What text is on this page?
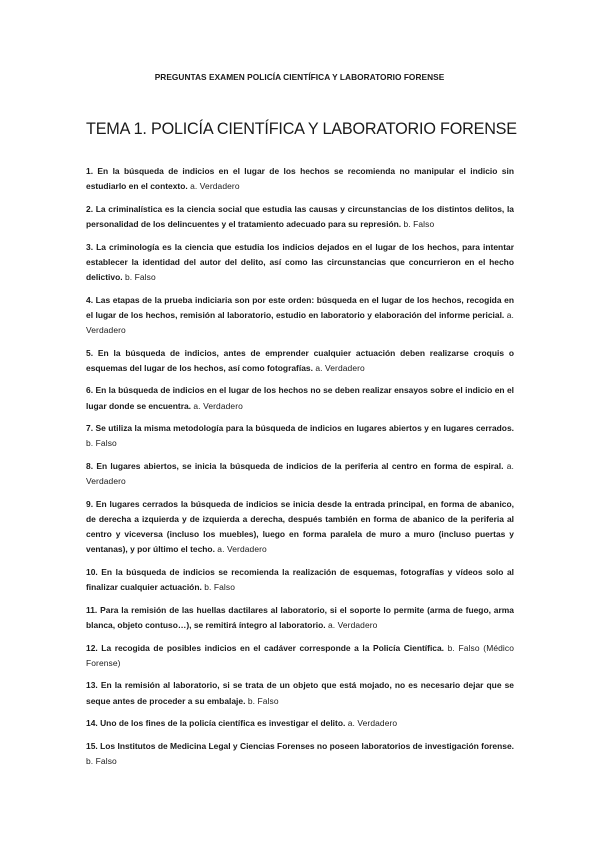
PREGUNTAS EXAMEN POLICÍA CIENTÍFICA Y LABORATORIO FORENSE
TEMA 1. POLICÍA CIENTÍFICA Y LABORATORIO FORENSE

1. En la búsqueda de indicios en el lugar de los hechos se recomienda no manipular el indicio sin estudiarlo en el contexto. a. Verdadero

2. La criminalística es la ciencia social que estudia las causas y circunstancias de los distintos delitos, la personalidad de los delincuentes y el tratamiento adecuado para su represión. b. Falso

3. La criminología es la ciencia que estudia los indicios dejados en el lugar de los hechos, para intentar establecer la identidad del autor del delito, así como las circunstancias que concurrieron en el hecho delictivo. b. Falso

4. Las etapas de la prueba indiciaria son por este orden: búsqueda en el lugar de los hechos, recogida en el lugar de los hechos, remisión al laboratorio, estudio en laboratorio y elaboración del informe pericial. a. Verdadero

5. En la búsqueda de indicios, antes de emprender cualquier actuación deben realizarse croquis o esquemas del lugar de los hechos, así como fotografías. a. Verdadero

6. En la búsqueda de indicios en el lugar de los hechos no se deben realizar ensayos sobre el indicio en el lugar donde se encuentra. a. Verdadero

7. Se utiliza la misma metodología para la búsqueda de indicios en lugares abiertos y en lugares cerrados. b. Falso

8. En lugares abiertos, se inicia la búsqueda de indicios de la periferia al centro en forma de espiral. a. Verdadero

9. En lugares cerrados la búsqueda de indicios se inicia desde la entrada principal, en forma de abanico, de derecha a izquierda y de izquierda a derecha, después también en forma de abanico de la periferia al centro y viceversa (incluso los muebles), luego en forma paralela de muro a muro (incluso puertas y ventanas), y por último el techo. a. Verdadero

10. En la búsqueda de indicios se recomienda la realización de esquemas, fotografías y vídeos solo al finalizar cualquier actuación. b. Falso

11. Para la remisión de las huellas dactilares al laboratorio, si el soporte lo permite (arma de fuego, arma blanca, objeto contuso…), se remitirá íntegro al laboratorio. a. Verdadero

12. La recogida de posibles indicios en el cadáver corresponde a la Policía Científica. b. Falso (Médico Forense)

13. En la remisión al laboratorio, si se trata de un objeto que está mojado, no es necesario dejar que se seque antes de proceder a su embalaje. b. Falso

14. Uno de los fines de la policía científica es investigar el delito. a. Verdadero

15. Los Institutos de Medicina Legal y Ciencias Forenses no poseen laboratorios de investigación forense. b. Falso
